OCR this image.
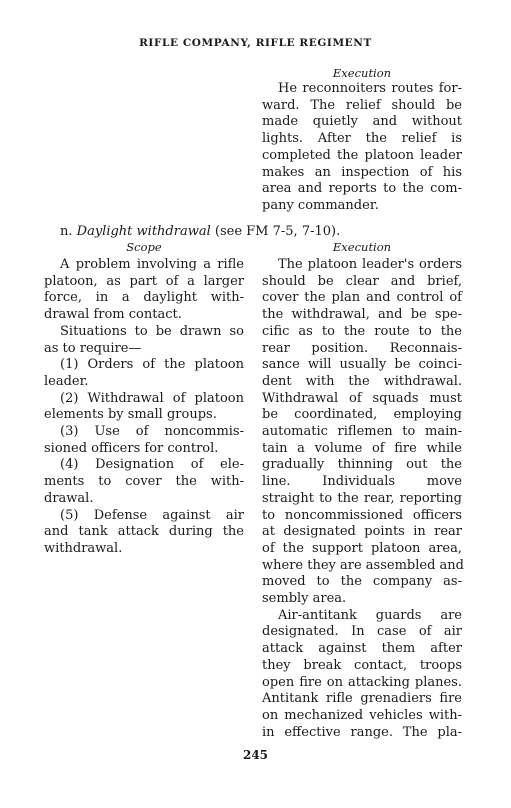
RIFLE COMPANY, RIFLE REGIMENT
Execution
He reconnoiters routes for-
ward. The relief should be
made quietly and without
lights. After the relief is
completed the platoon leader
makes an inspection of his
area and reports to the com-
pany commander.
n. Daylight withdrawal (see FM 7-5, 7-10).
Scope
A problem involving a rifle
platoon, as part of a larger
force, in a daylight with-
drawal from contact.
Situations to be drawn so
as to require—
(1) Orders of the platoon
leader.
(2) Withdrawal of platoon
elements by small groups.
(3) Use of noncommis-
sioned officers for control.
(4) Designation of ele-
ments to cover the with-
drawal.
(5) Defense against air
and tank attack during the
withdrawal.
Execution
The platoon leader's orders
should be clear and brief,
cover the plan and control of
the withdrawal, and be spe-
cific as to the route to the
rear position. Reconnais-
sance will usually be coinci-
dent with the withdrawal.
Withdrawal of squads must
be coordinated, employing
automatic riflemen to main-
tain a volume of fire while
gradually thinning out the
line. Individuals move
straight to the rear, reporting
to noncommissioned officers
at designated points in rear
of the support platoon area,
where they are assembled and
moved to the company as-
sembly area.
Air-antitank guards are
designated. In case of air
attack against them after
they break contact, troops
open fire on attacking planes.
Antitank rifle grenadiers fire
on mechanized vehicles with-
in effective range. The pla-
245
